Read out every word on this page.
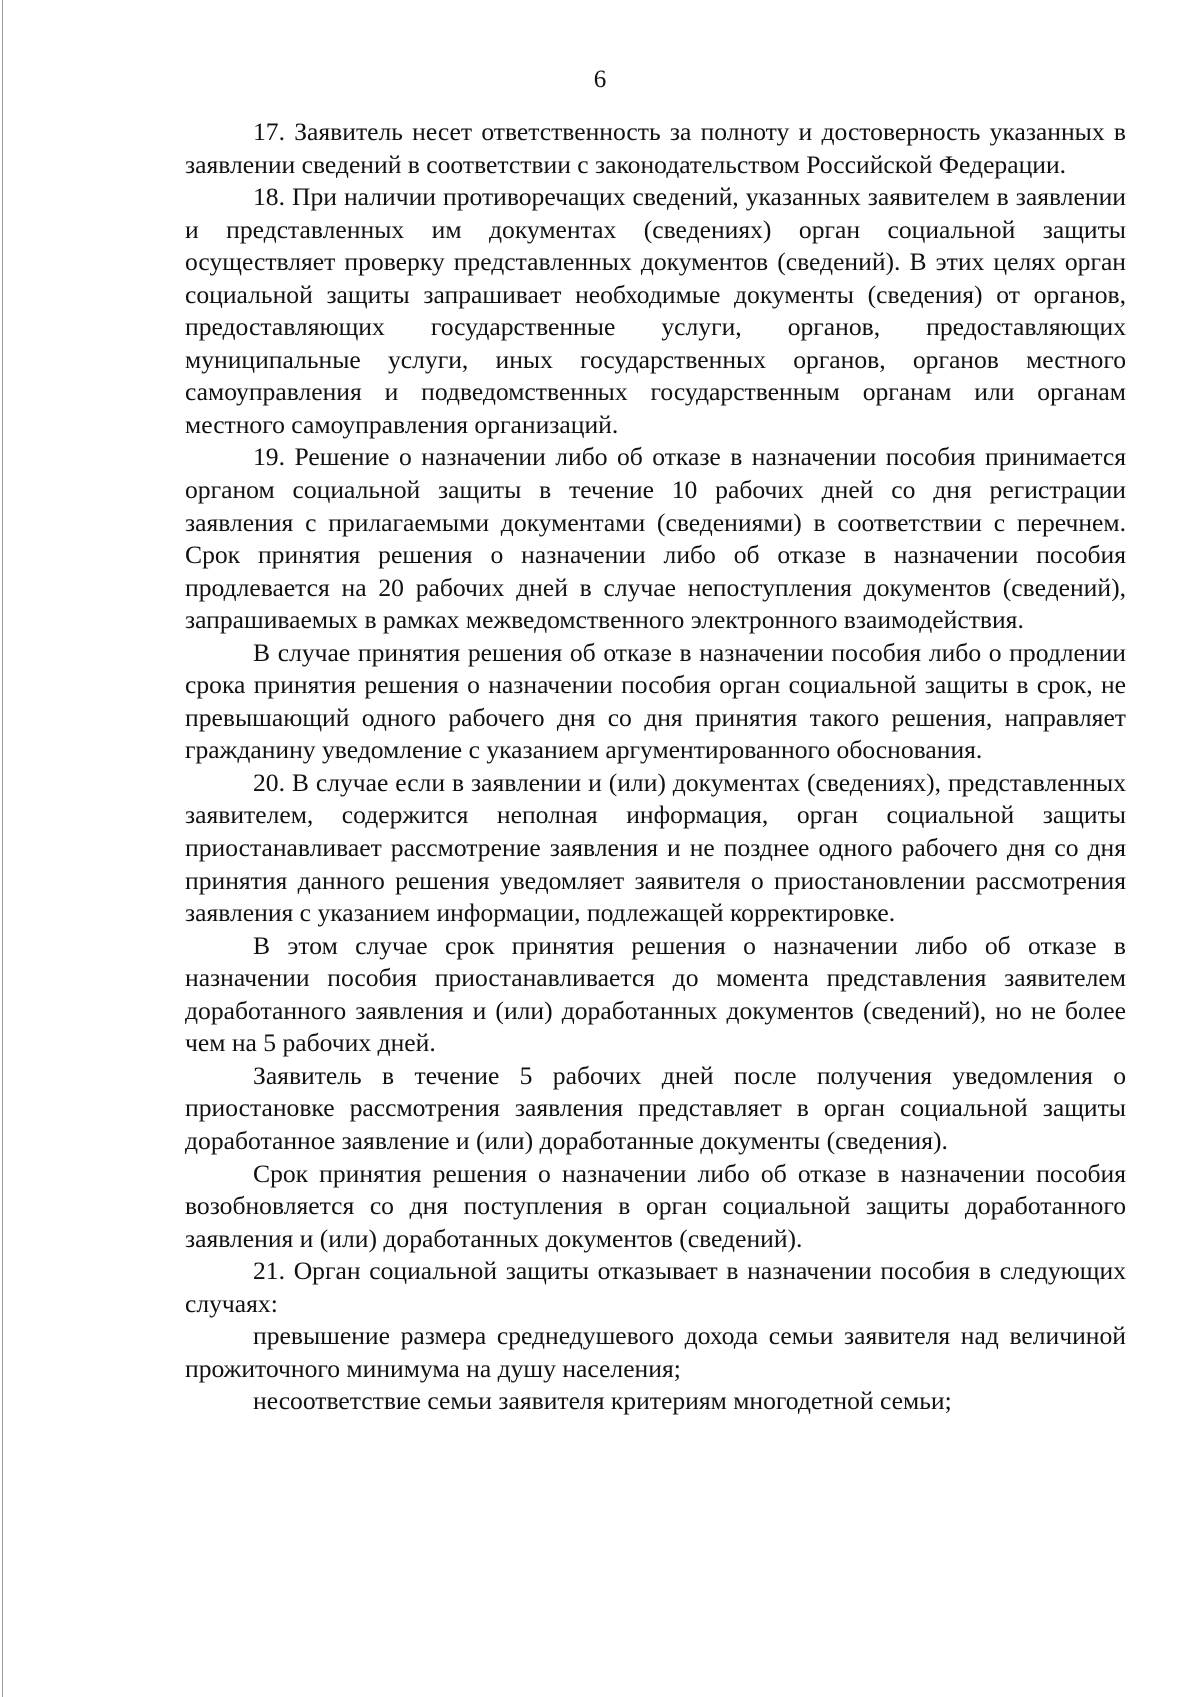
6

17. Заявитель несет ответственность за полноту и достоверность указанных в заявлении сведений в соответствии с законодательством Российской Федерации.

18. При наличии противоречащих сведений, указанных заявителем в заявлении и представленных им документах (сведениях) орган социальной защиты осуществляет проверку представленных документов (сведений). В этих целях орган социальной защиты запрашивает необходимые документы (сведения) от органов, предоставляющих государственные услуги, органов, предоставляющих муниципальные услуги, иных государственных органов, органов местного самоуправления и подведомственных государственным органам или органам местного самоуправления организаций.

19. Решение о назначении либо об отказе в назначении пособия принимается органом социальной защиты в течение 10 рабочих дней со дня регистрации заявления с прилагаемыми документами (сведениями) в соответствии с перечнем. Срок принятия решения о назначении либо об отказе в назначении пособия продлевается на 20 рабочих дней в случае непоступления документов (сведений), запрашиваемых в рамках межведомственного электронного взаимодействия.

В случае принятия решения об отказе в назначении пособия либо о продлении срока принятия решения о назначении пособия орган социальной защиты в срок, не превышающий одного рабочего дня со дня принятия такого решения, направляет гражданину уведомление с указанием аргументированного обоснования.

20. В случае если в заявлении и (или) документах (сведениях), представленных заявителем, содержится неполная информация, орган социальной защиты приостанавливает рассмотрение заявления и не позднее одного рабочего дня со дня принятия данного решения уведомляет заявителя о приостановлении рассмотрения заявления с указанием информации, подлежащей корректировке.

В этом случае срок принятия решения о назначении либо об отказе в назначении пособия приостанавливается до момента представления заявителем доработанного заявления и (или) доработанных документов (сведений), но не более чем на 5 рабочих дней.

Заявитель в течение 5 рабочих дней после получения уведомления о приостановке рассмотрения заявления представляет в орган социальной защиты доработанное заявление и (или) доработанные документы (сведения).

Срок принятия решения о назначении либо об отказе в назначении пособия возобновляется со дня поступления в орган социальной защиты доработанного заявления и (или) доработанных документов (сведений).

21. Орган социальной защиты отказывает в назначении пособия в следующих случаях:

превышение размера среднедушевого дохода семьи заявителя над величиной прожиточного минимума на душу населения;

несоответствие семьи заявителя критериям многодетной семьи;
